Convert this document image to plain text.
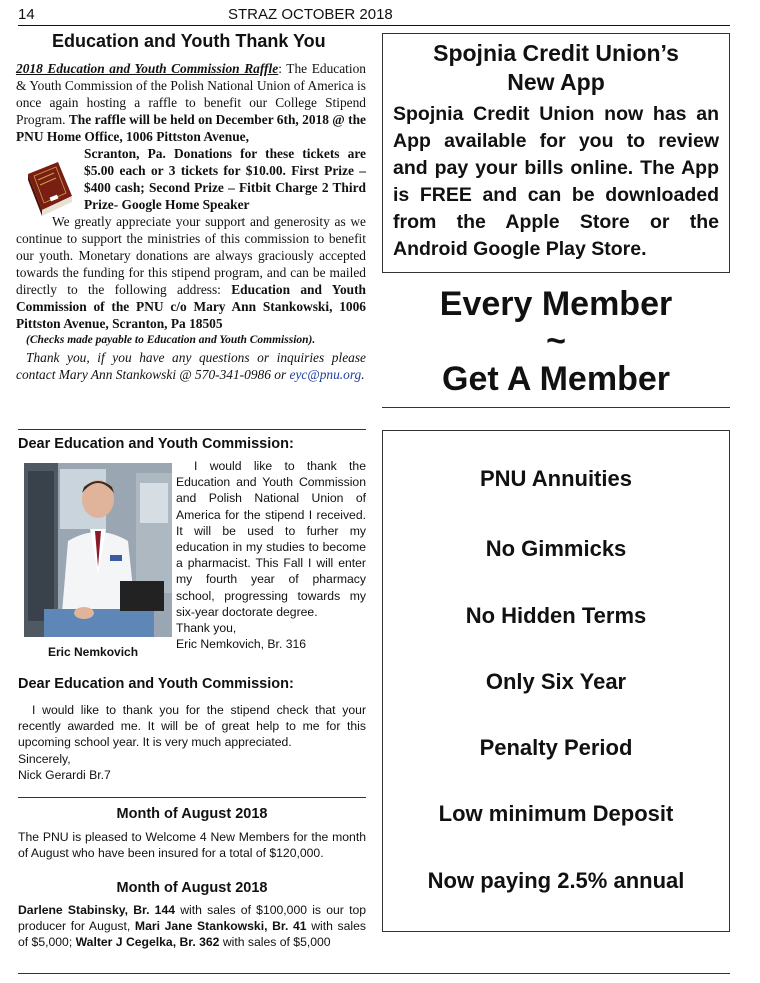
14	STRAZ OCTOBER 2018
Education and Youth Thank You

2018 Education and Youth Commission Raffle: The Education & Youth Commission of the Polish National Union of America is once again hosting a raffle to benefit our College Stipend Program. The raffle will be held on December 6th, 2018 @ the PNU Home Office, 1006 Pittston Avenue,

Scranton, Pa. Donations for these tickets are $5.00 each or 3 tickets for $10.00. First Prize – $400 cash; Second Prize – Fitbit Charge 2 Third Prize- Google Home Speaker

We greatly appreciate your support and generosity as we continue to support the ministries of this commission to benefit our youth. Monetary donations are always graciously accepted towards the funding for this stipend program, and can be mailed directly to the following address: Education and Youth Commission of the PNU c/o Mary Ann Stankowski, 1006 Pittston Avenue, Scranton, Pa 18505

(Checks made payable to Education and Youth Commission).

Thank you, if you have any questions or inquiries please contact Mary Ann Stankowski @ 570-341-0986 or eyc@pnu.org.

Dear Education and Youth Commission:
I would like to thank the Education and Youth Commission and Polish National Union of America for the stipend I received. It will be used to furher my education in my studies to become a pharmacist. This Fall I will enter my fourth year of pharmacy school, progressing towards my six-year doctorate degree.
Thank you,
Eric Nemkovich, Br. 316
Eric Nemkovich
Dear Education and Youth Commission:
I would like to thank you for the stipend check that your recently awarded me. It will be of great help to me for this upcoming school year. It is very much appreciated.
Sincerely,
Nick Gerardi Br.7
Month of August 2018
The PNU is pleased to Welcome 4 New Members for the month of August who have been insured for a total of $120,000.
Month of August 2018
Darlene Stabinsky, Br. 144 with sales of $100,000 is our top producer for August, Mari Jane Stankowski, Br. 41 with sales of $5,000; Walter J Cegelka, Br. 362 with sales of $5,000
Spojnia Credit Union’s
New App
Spojnia Credit Union now has an App available for you to review and pay your bills online. The App is FREE and can be downloaded from the Apple Store or the Android Google Play Store.
Every Member
~
Get A Member
PNU Annuities
No Gimmicks
No Hidden Terms
Only Six Year
Penalty Period
Low minimum Deposit
Now paying 2.5% annual
